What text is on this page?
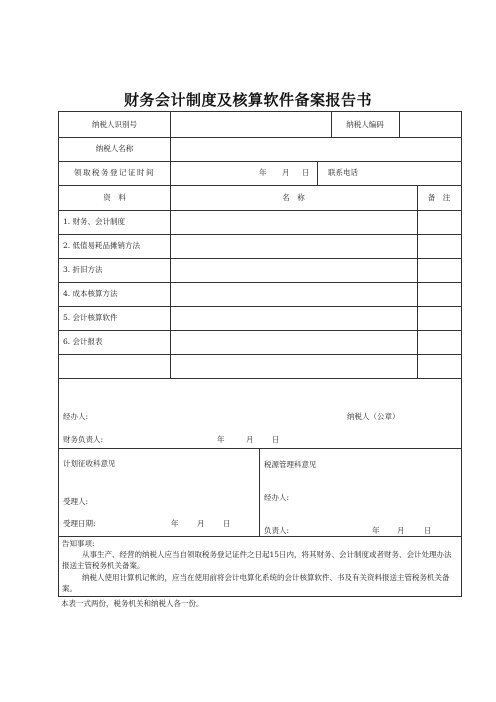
财务会计制度及核算软件备案报告书
纳税人识别号	纳税人编码
纳税人名称
领取税务登记证时间	年 月 日 联系电话
资　料	名　称	备　注
1. 财务、会计制度
2. 低值易耗品摊销方法
3. 折旧方法
4. 成本核算方法
5. 会计核算软件
6. 会计报表
经办人:	纳税人（公章）
财务负责人:	年	月 日
计划征收科意见
受理人:
受理日期:	年 月 日
税源管理科意见
经办人:
负责人:	年 月	日
告知事项:
从事生产、经营的纳税人应当自领取税务登记证件之日起15日内，将其财务、会计制度或者财务、会计处理办法报送主管税务机关备案。
纳税人使用计算机记帐的，应当在使用前将会计电算化系统的会计核算软件、书及有关资料报送主管税务机关备案。
本表一式两份，税务机关和纳税人各一份。
